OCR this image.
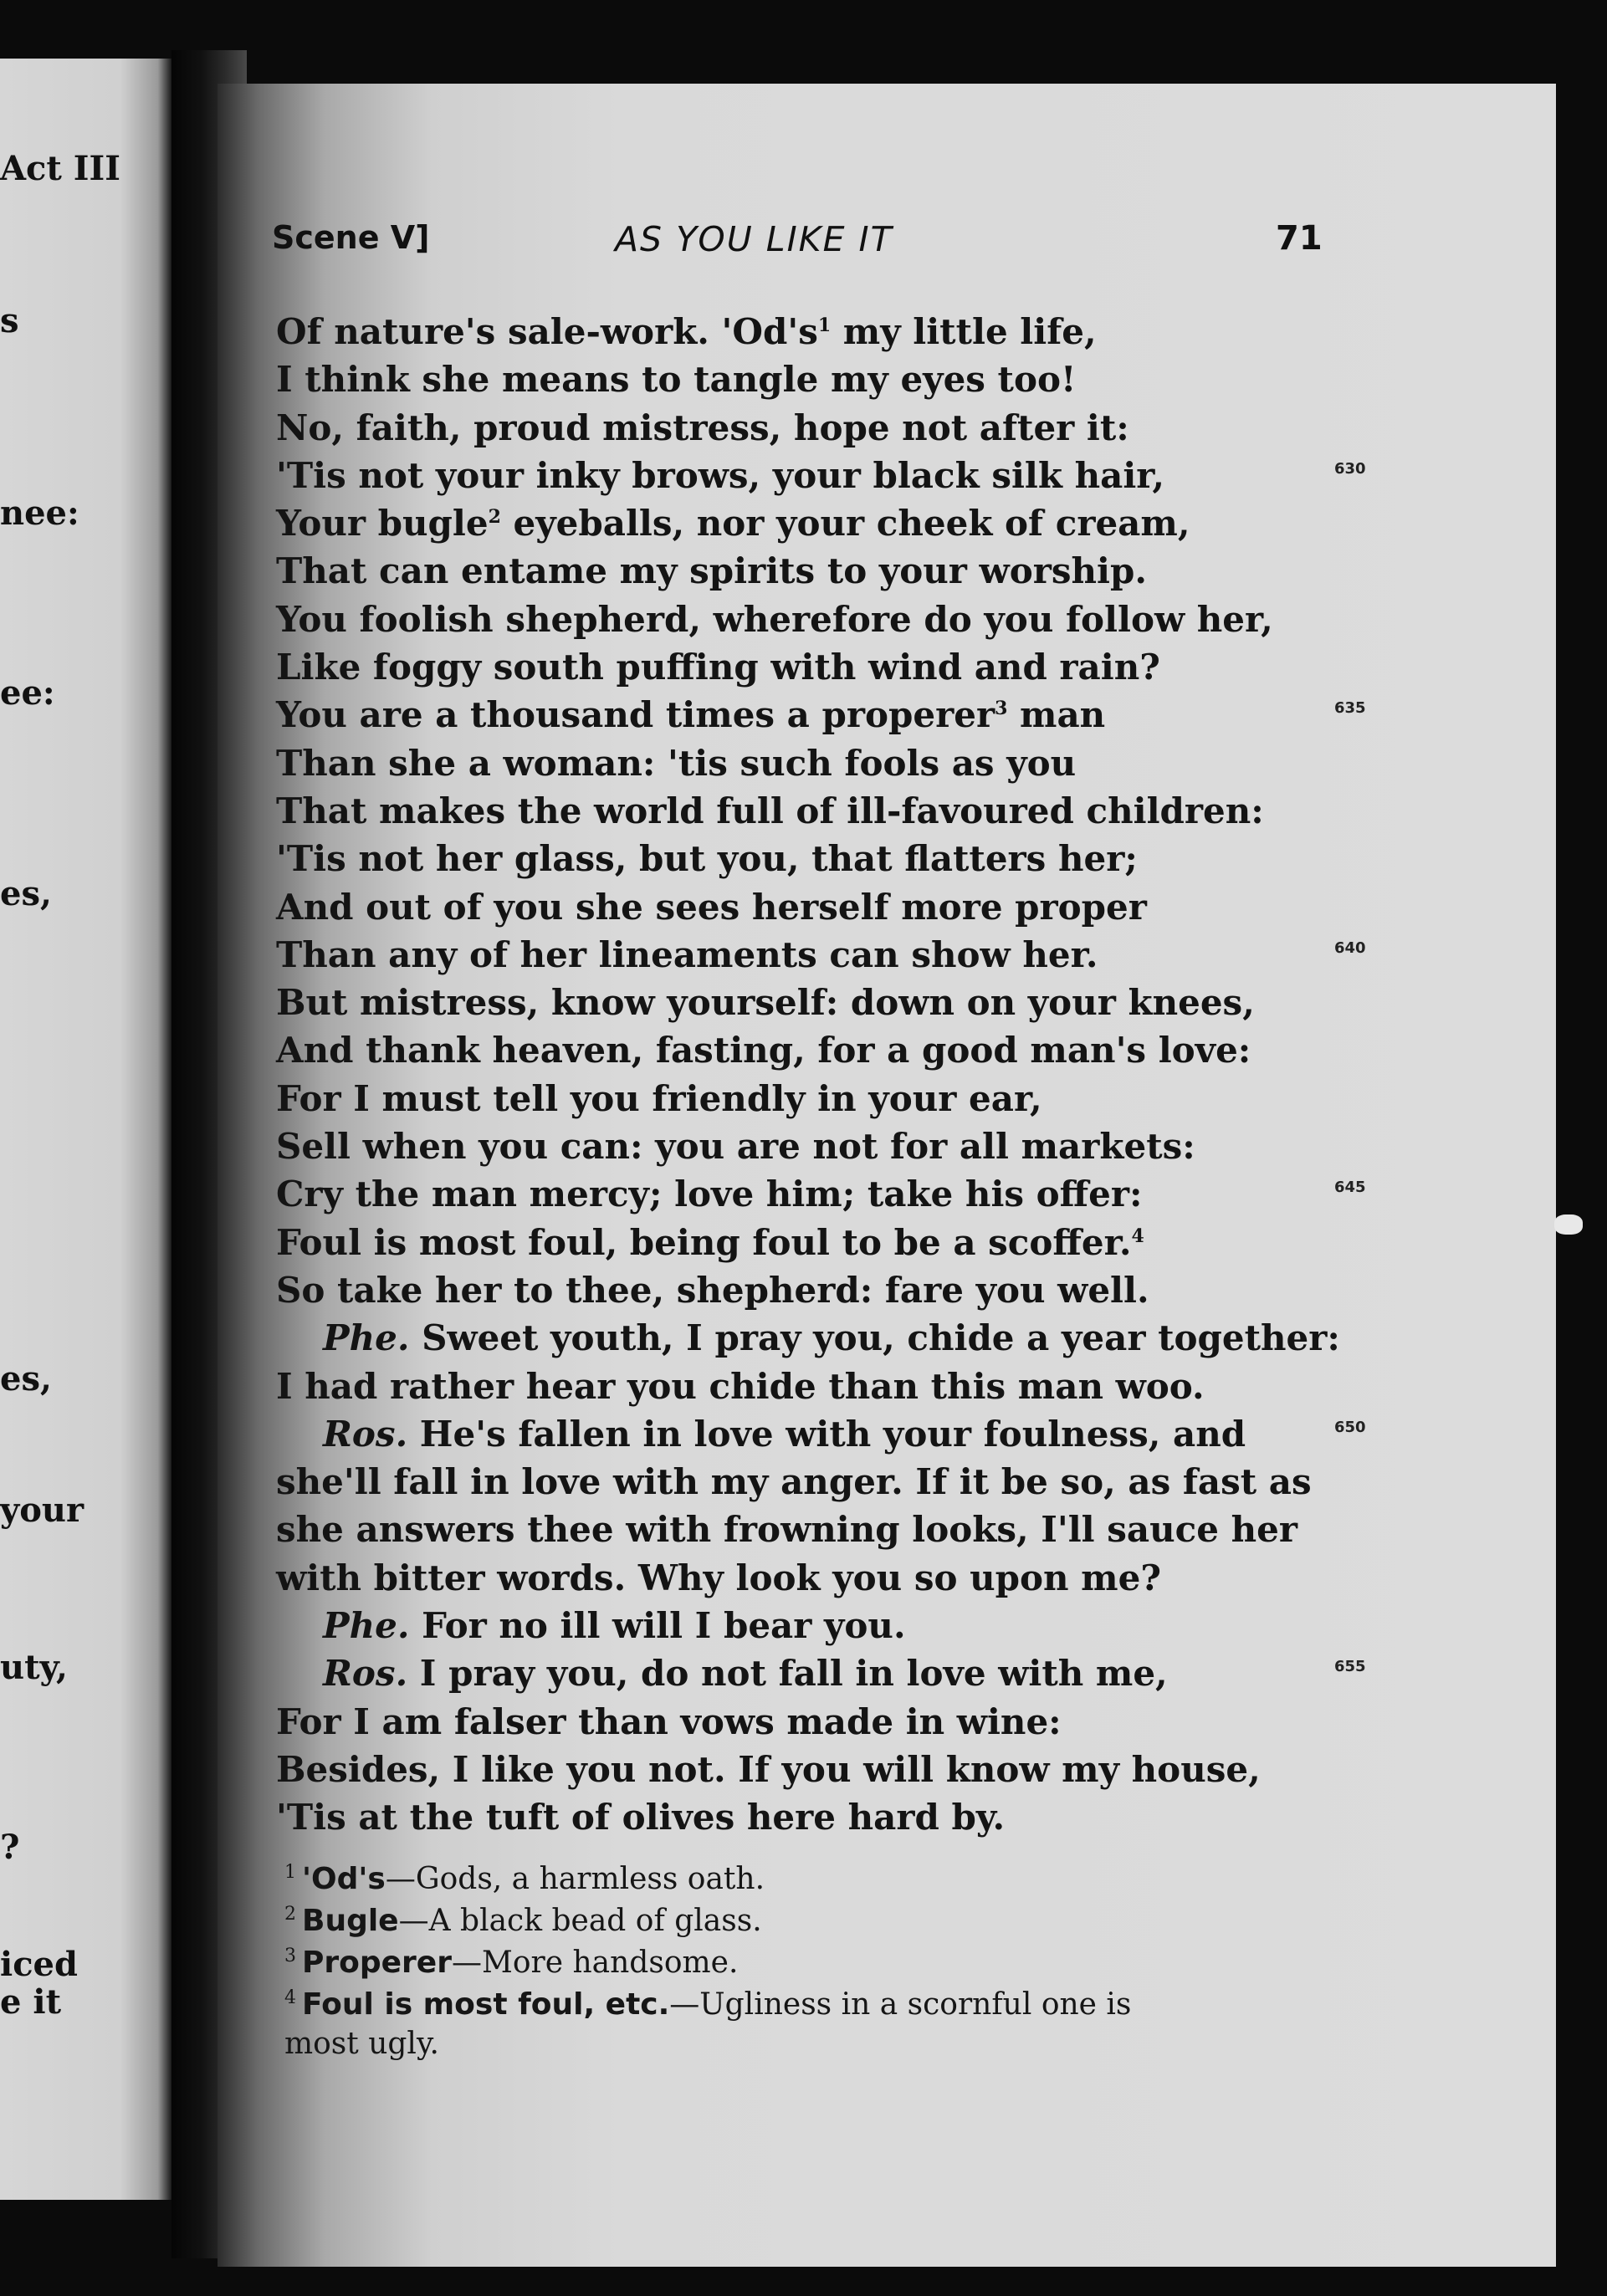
Act III
s
nee:
ee:
es,
es,
your
uty,
?
iced
e it
Scene V]	AS YOU LIKE IT	71
Of nature's sale-work. '$Od's^1$ my little life,
I think she means to tangle my eyes too!
No, faith, proud mistress, hope not after it:
'Tis not your inky brows, your black silk hair,	630
Your bugle$^2$ eyeballs, nor your cheek of cream,
That can entame my spirits to your worship.
You foolish shepherd, wherefore do you follow her,
Like foggy south puffing with wind and rain?
You are a thousand times a properer$^3$ man	635
Than she a woman: 'tis such fools as you
That makes the world full of ill-favoured children:
'Tis not her glass, but you, that flatters her;
And out of you she sees herself more proper
Than any of her lineaments can show her.	640
But mistress, know yourself: down on your knees,
And thank heaven, fasting, for a good man's love:
For I must tell you friendly in your ear,
Sell when you can: you are not for all markets:
Cry the man mercy; love him; take his offer:	645
Foul is most foul, being foul to be a scoffer.$^4$
So take her to thee, shepherd: fare you well.
Phe. Sweet youth, I pray you, chide a year together:
I had rather hear you chide than this man woo.
Ros. He's fallen in love with your foulness, and	650
she'll fall in love with my anger. If it be so, as fast as
she answers thee with frowning looks, I'll sauce her
with bitter words. Why look you so upon me?
Phe. For no ill will I bear you.
Ros. I pray you, do not fall in love with me,	655
For I am falser than vows made in wine:
Besides, I like you not. If you will know my house,
'Tis at the tuft of olives here hard by.
$^1$ 'Od's—Gods, a harmless oath.
$^2$ Bugle—A black bead of glass.
$^3$ Properer—More handsome.
$^4$ Foul is most foul, etc.—Ugliness in a scornful one is
most ugly.
